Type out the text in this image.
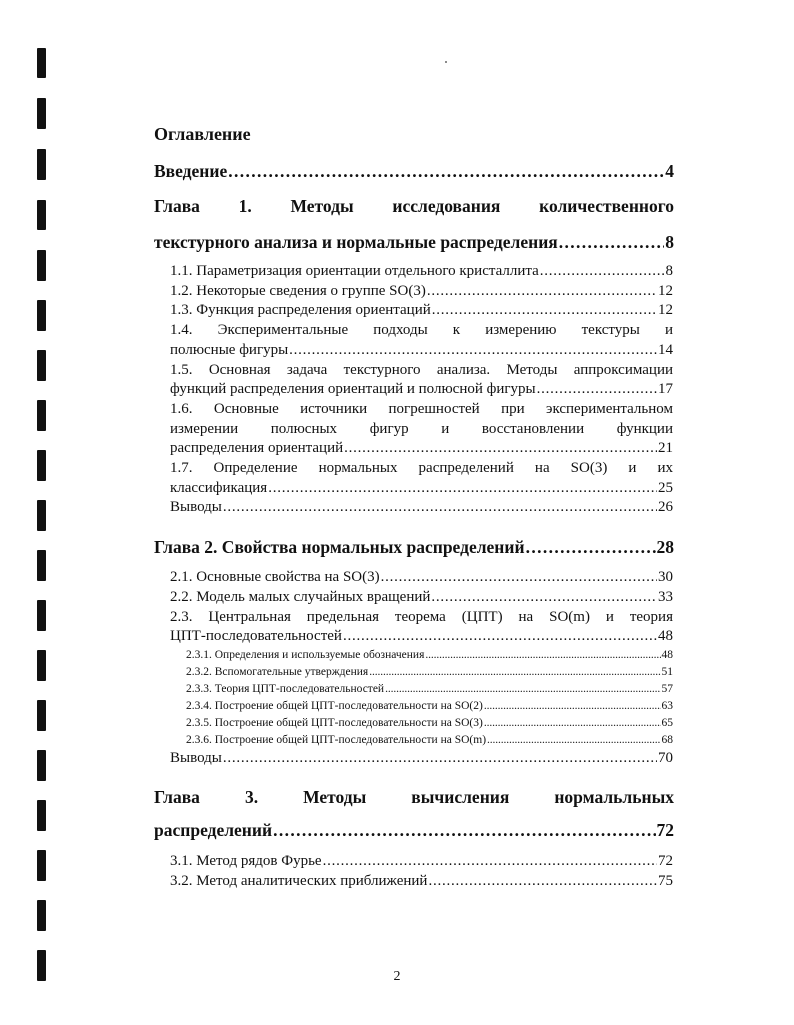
Оглавление
Введение . . .	4
Глава 1. Методы исследования количественного
текстурного анализа и нормальные распределения . . .	8
1.1. Параметризация ориентации отдельного кристаллита . . .	8
1.2. Некоторые сведения о группе SO(3) . . .	12
1.3. Функция распределения ориентаций . . .	12
1.4. Экспериментальные подходы к измерению текстуры и
полюсные фигуры . . .	14
1.5. Основная задача текстурного анализа. Методы аппроксимации
функций распределения ориентаций и полюсной фигуры . . .	17
1.6. Основные источники погрешностей при экспериментальном
измерении полюсных фигур и восстановлении функции
распределения ориентаций . . .	21
1.7. Определение нормальных распределений на SO(3) и их
классификация . . .	25
Выводы . . .	26
Глава 2. Свойства нормальных распределений . . .	28
2.1. Основные свойства на SO(3) . . .	30
2.2. Модель малых случайных вращений . . .	33
2.3. Центральная предельная теорема (ЦПТ) на SO(m) и теория
ЦПТ-последовательностей . . .	48
2.3.1. Определения и используемые обозначения . . .	48
2.3.2. Вспомогательные утверждения . . .	51
2.3.3. Теория ЦПТ-последовательностей . . .	57
2.3.4. Построение общей ЦПТ-последовательности на SO(2) . . .	63
2.3.5. Построение общей ЦПТ-последовательности на SO(3) . . .	65
2.3.6. Построение общей ЦПТ-последовательности на SO(m) . . .	68
Выводы . . .	70
Глава 3. Методы вычисления нормальльных
распределений . . .	72
3.1. Метод рядов Фурье . . .	72
3.2. Метод аналитических приближений . . .	75
2
